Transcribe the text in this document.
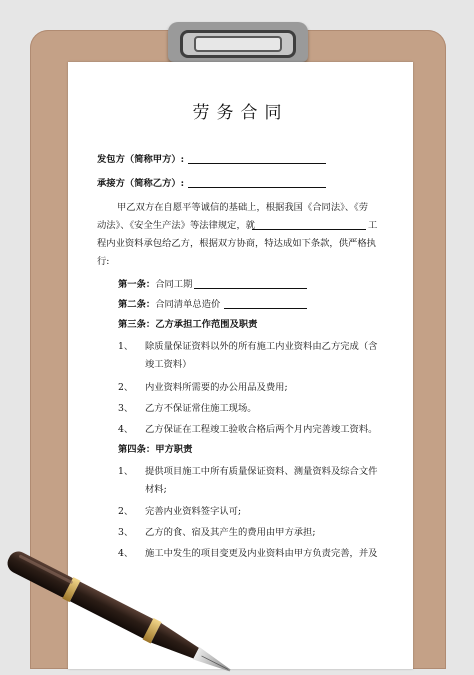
劳务合同
发包方（简称甲方）:
承接方（简称乙方）:
甲乙双方在自愿平等诚信的基础上，根据我国《合同法》、《劳
动法》、《安全生产法》等法律规定，就	工
程内业资料承包给乙方，根据双方协商，特达成如下条款，供严格执
行:
第一条：合同工期
第二条：合同清单总造价
第三条：乙方承担工作范围及职责
1、 除质量保证资料以外的所有施工内业资料由乙方完成（含
竣工资料）
2、 内业资料所需要的办公用品及费用;
3、 乙方不保证常住施工现场。
4、 乙方保证在工程竣工验收合格后两个月内完善竣工资料。
第四条：甲方职责
1、 提供项目施工中所有质量保证资料、测量资料及综合文件
材料;
2、 完善内业资料签字认可;
3、 乙方的食、宿及其产生的费用由甲方承担;
4、 施工中发生的项目变更及内业资料由甲方负责完善，并及
